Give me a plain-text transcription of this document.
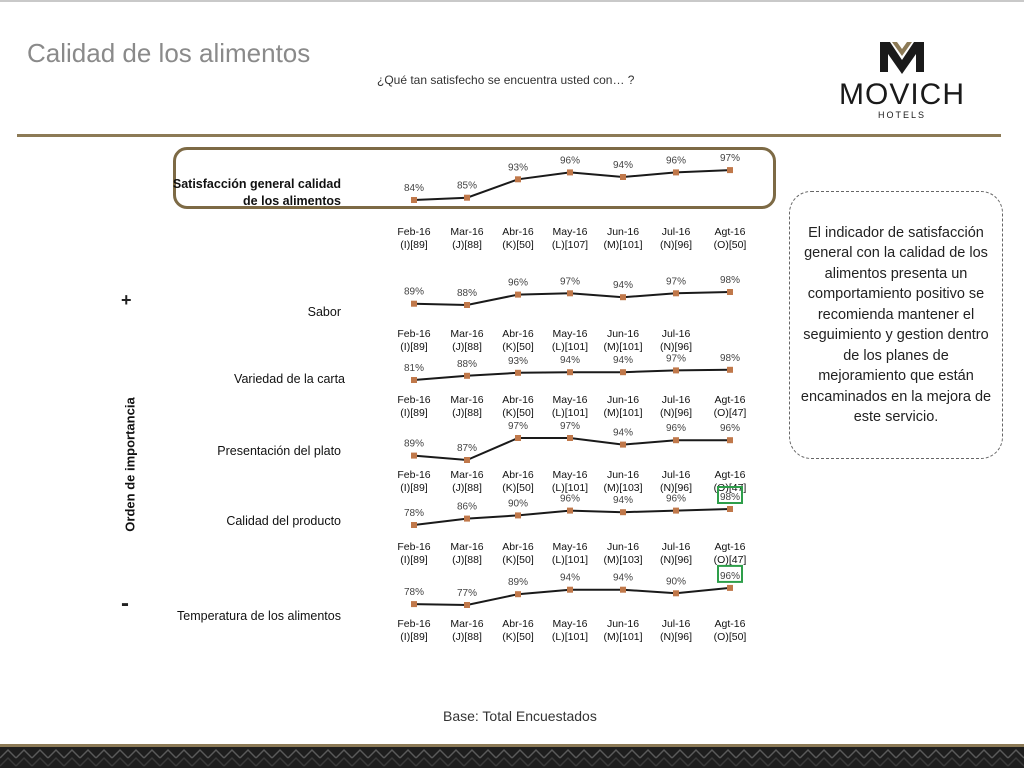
Calidad de los alimentos
¿Qué tan satisfecho se encuentra usted con… ?	MOVICH
HOTELS
+
-
Orden de importancia
Satisfacción general calidad
de los alimentos
Sabor
Variedad de la carta
Presentación del plato
Calidad del producto
Temperatura de los alimentos
84%
Feb-16 (I)[89]
85%
Mar-16 (J)[88]
93%
Abr-16 (K)[50]
96%
May-16 (L)[107]
94%
Jun-16 (M)[101]
96%
Jul-16 (N)[96]
97%
Agt-16 (O)[50]
89%
Feb-16 (I)[89]
88%
Mar-16 (J)[88]
96%
Abr-16 (K)[50]
97%
May-16 (L)[101]
94%
Jun-16 (M)[101]
97%
Jul-16 (N)[96]
98%
81%
Feb-16 (I)[89]
88%
Mar-16 (J)[88]
93%
Abr-16 (K)[50]
94%
May-16 (L)[101]
94%
Jun-16 (M)[101]
97%
Jul-16 (N)[96]
98%
Agt-16 (O)[47]
89%
Feb-16 (I)[89]
87%
Mar-16 (J)[88]
97%
Abr-16 (K)[50]
97%
May-16 (L)[101]
94%
Jun-16 (M)[103]
96%
Jul-16 (N)[96]
96%
Agt-16 (O)[47]
78%
Feb-16 (I)[89]
86%
Mar-16 (J)[88]
90%
Abr-16 (K)[50]
96%
May-16 (L)[101]
94%
Jun-16 (M)[103]
96%
Jul-16 (N)[96]
98%
Agt-16 (O)[47]
78%
Feb-16 (I)[89]
77%
Mar-16 (J)[88]
89%
Abr-16 (K)[50]
94%
May-16 (L)[101]
94%
Jun-16 (M)[101]
90%
Jul-16 (N)[96]
96%
Agt-16 (O)[50]
El indicador de satisfacción general con la calidad de los alimentos presenta un comportamiento positivo se recomienda mantener el seguimiento y gestion dentro de los planes de mejoramiento que están encaminados en la mejora de este servicio.
Base: Total Encuestados
